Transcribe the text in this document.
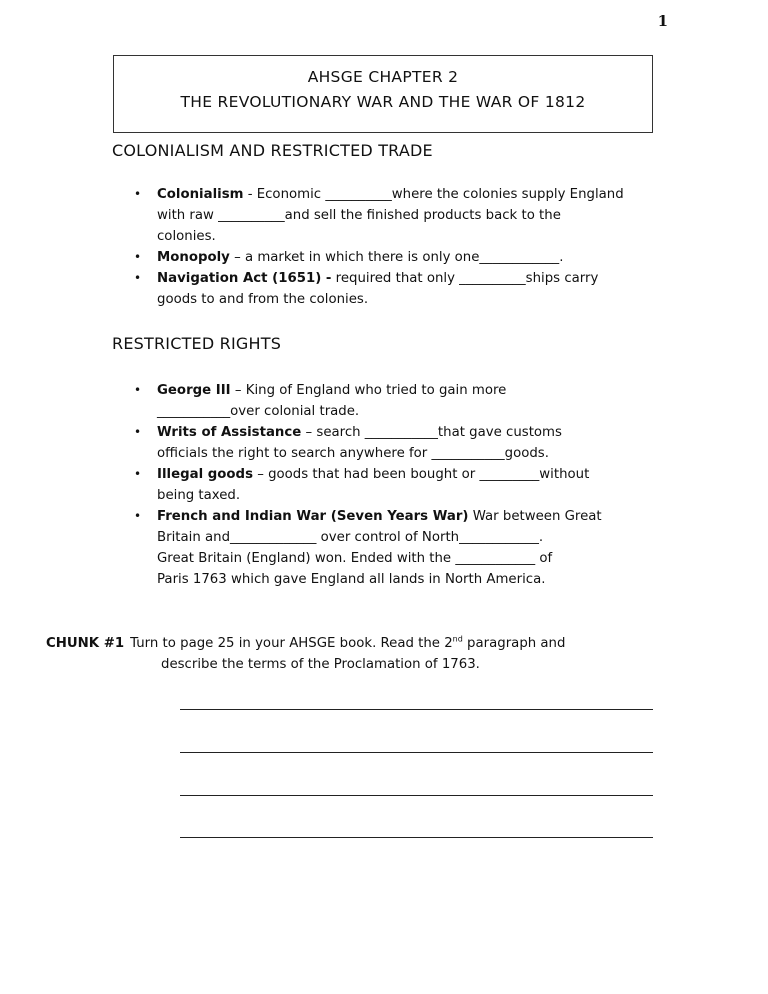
1
AHSGE CHAPTER 2
THE REVOLUTIONARY WAR AND THE WAR OF 1812
COLONIALISM AND RESTRICTED TRADE
• Colonialism - Economic __________where the colonies supply England
with raw __________and sell the finished products back to the
colonies.
• Monopoly – a market in which there is only one____________.
• Navigation Act (1651) - required that only __________ships carry
goods to and from the colonies.
RESTRICTED RIGHTS
• George III – King of England who tried to gain more
___________over colonial trade.
• Writs of Assistance – search ___________that gave customs
officials the right to search anywhere for ___________goods.
• Illegal goods – goods that had been bought or _________without
being taxed.
• French and Indian War (Seven Years War) War between Great
Britain and_____________ over control of North____________.
Great Britain (England) won. Ended with the ____________ of
Paris 1763 which gave England all lands in North America.
CHUNK #1 Turn to page 25 in your AHSGE book. Read the 2nd paragraph and
describe the terms of the Proclamation of 1763.
